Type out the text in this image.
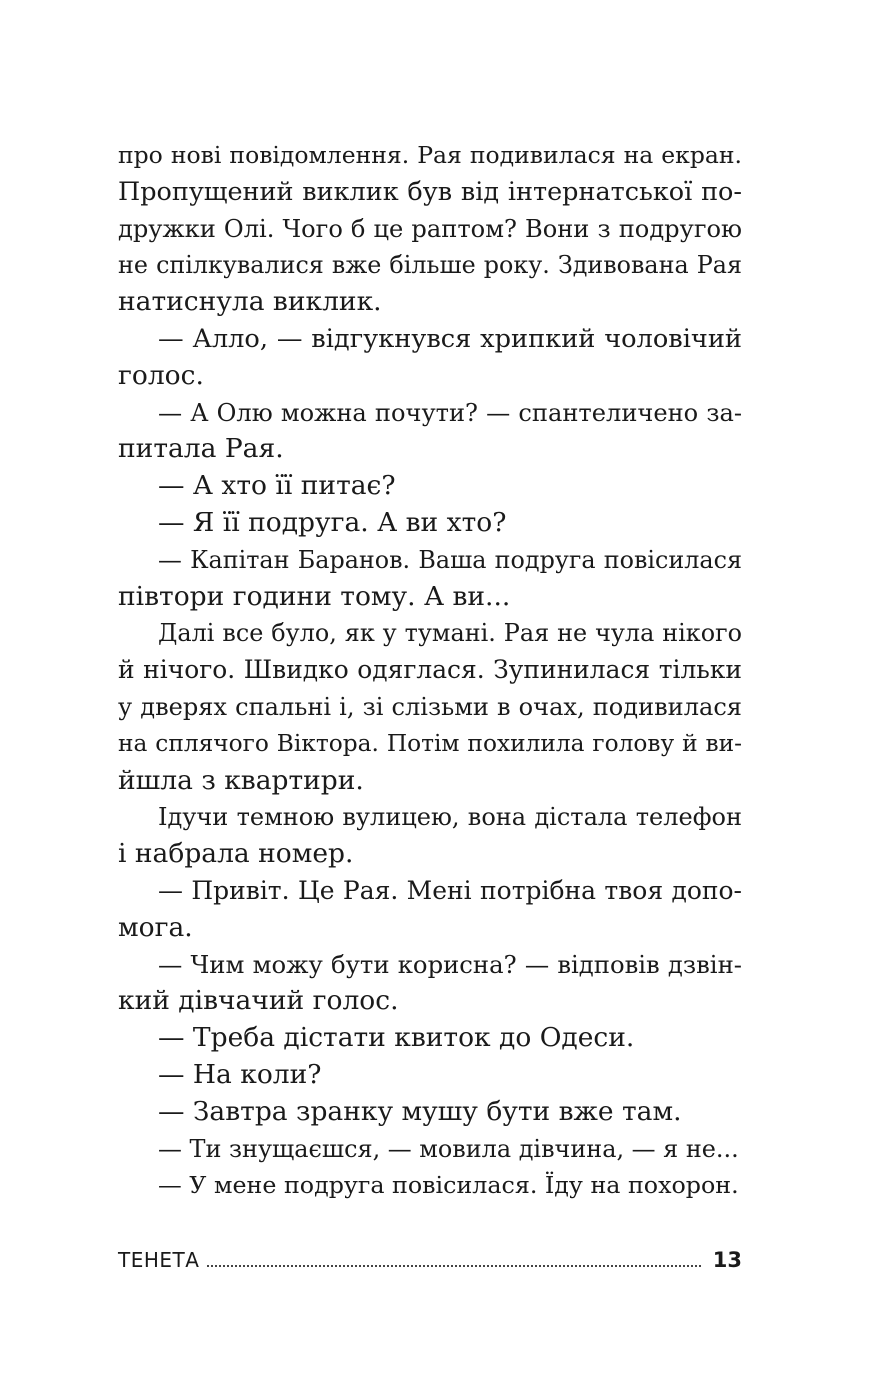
про нові повідомлення. Рая подивилася на екран.
Пропущений виклик був від інтернатської по-
дружки Олі. Чого б це раптом? Вони з подругою
не спілкувалися вже більше року. Здивована Рая
натиснула виклик.
— Алло, — відгукнувся хрипкий чоловічий
голос.
— А Олю можна почути? — спантеличено за-
питала Рая.
— А хто її питає?
— Я її подруга. А ви хто?
— Капітан Баранов. Ваша подруга повісилася
півтори години тому. А ви...
Далі все було, як у тумані. Рая не чула нікого
й нічого. Швидко одяглася. Зупинилася тільки
у дверях спальні і, зі слізьми в очах, подивилася
на сплячого Віктора. Потім похилила голову й ви-
йшла з квартири.
Ідучи темною вулицею, вона дістала телефон
і набрала номер.
— Привіт. Це Рая. Мені потрібна твоя допо-
мога.
— Чим можу бути корисна? — відповів дзвін-
кий дівчачий голос.
— Треба дістати квиток до Одеси.
— На коли?
— Завтра зранку мушу бути вже там.
— Ти знущаєшся, — мовила дівчина, — я не...
— У мене подруга повісилася. Їду на похорон.
ТЕНЕТА	13
